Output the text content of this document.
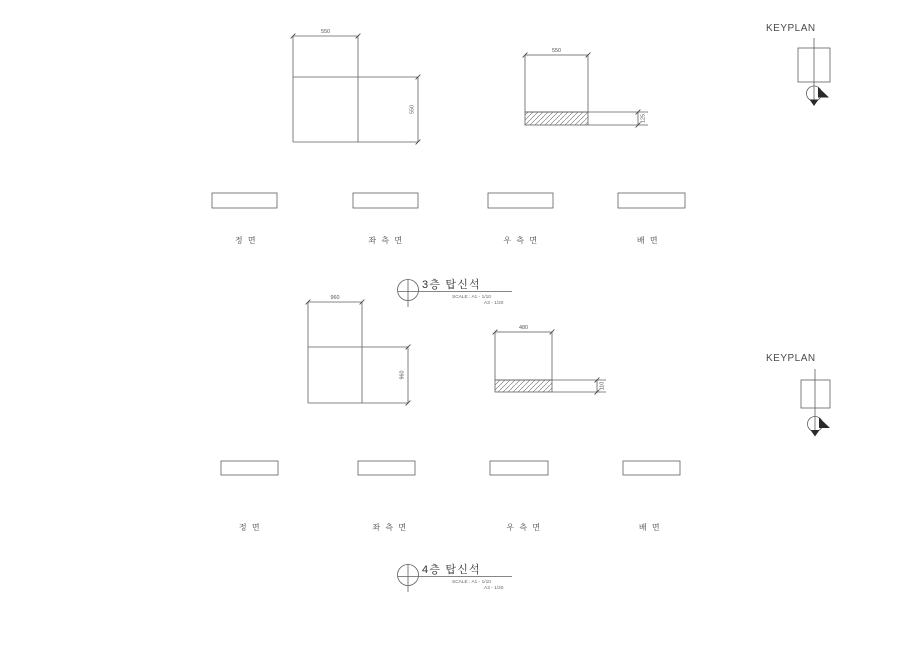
550
550
550
125
정 면	좌 측 면	우 측 면	배 면
3층 탑신석
SCALE : A1 - 1/10
A3 - 1/20
960
960
480
110
정 면	좌 측 면	우 측 면	배 면
4층 탑신석
SCALE : A1 - 1/10
A3 - 1/20
KEYPLAN
KEYPLAN
